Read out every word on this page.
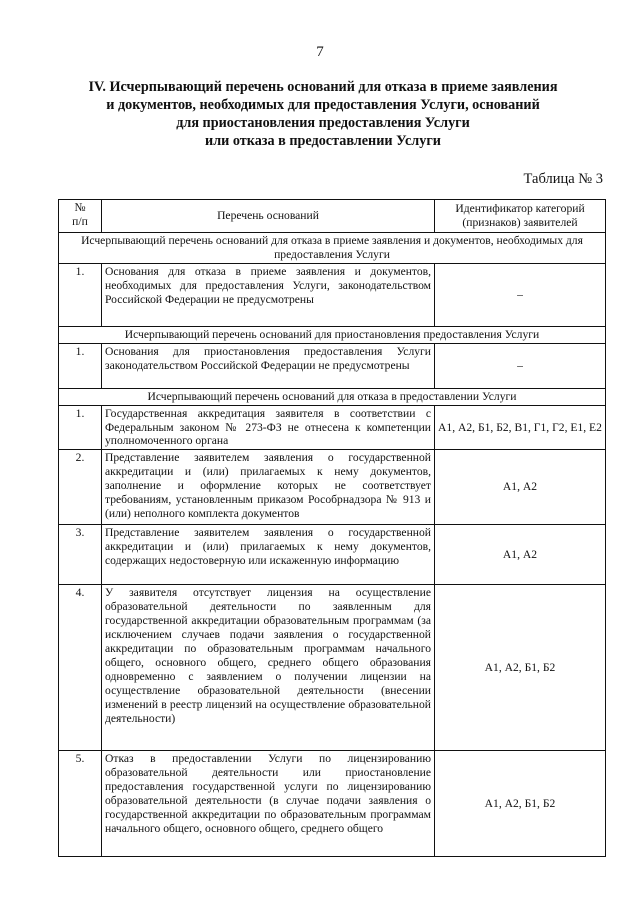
7
IV. Исчерпывающий перечень оснований для отказа в приеме заявления
и документов, необходимых для предоставления Услуги, оснований
для приостановления предоставления Услуги
или отказа в предоставлении Услуги
Таблица № 3
№
п/п	Перечень оснований	Идентификатор категорий (признаков) заявителей
Исчерпывающий перечень оснований для отказа в приеме заявления и документов, необходимых для предоставления Услуги		
1.	Основания для отказа в приеме заявления и документов, необходимых для предоставления Услуги, законодательством Российской Федерации не предусмотрены	–
Исчерпывающий перечень оснований для приостановления предоставления Услуги		
1.	Основания для приостановления предоставления Услуги законодательством Российской Федерации не предусмотрены	–
Исчерпывающий перечень оснований для отказа в предоставлении Услуги		
1.	Государственная аккредитация заявителя в соответствии с Федеральным законом № 273-ФЗ не отнесена к компетенции уполномоченного органа	А1, А2, Б1, Б2, В1, Г1, Г2, Е1, Е2
2.	Представление заявителем заявления о государственной аккредитации и (или) прилагаемых к нему документов, заполнение и оформление которых не соответствует требованиям, установленным приказом Рособрнадзора № 913 и (или) неполного комплекта документов	А1, А2
3.	Представление заявителем заявления о государственной аккредитации и (или) прилагаемых к нему документов, содержащих недостоверную или искаженную информацию	А1, А2
4.	У заявителя отсутствует лицензия на осуществление образовательной деятельности по заявленным для государственной аккредитации образовательным программам (за исключением случаев подачи заявления о государственной аккредитации по образовательным программам начального общего, основного общего, среднего общего образования одновременно с заявлением о получении лицензии на осуществление образовательной деятельности (внесении изменений в реестр лицензий на осуществление образовательной деятельности)	А1, А2, Б1, Б2
5.	Отказ в предоставлении Услуги по лицензированию образовательной деятельности или приостановление предоставления государственной услуги по лицензированию образовательной деятельности (в случае подачи заявления о государственной аккредитации по образовательным программам начального общего, основного общего, среднего общего	А1, А2, Б1, Б2
